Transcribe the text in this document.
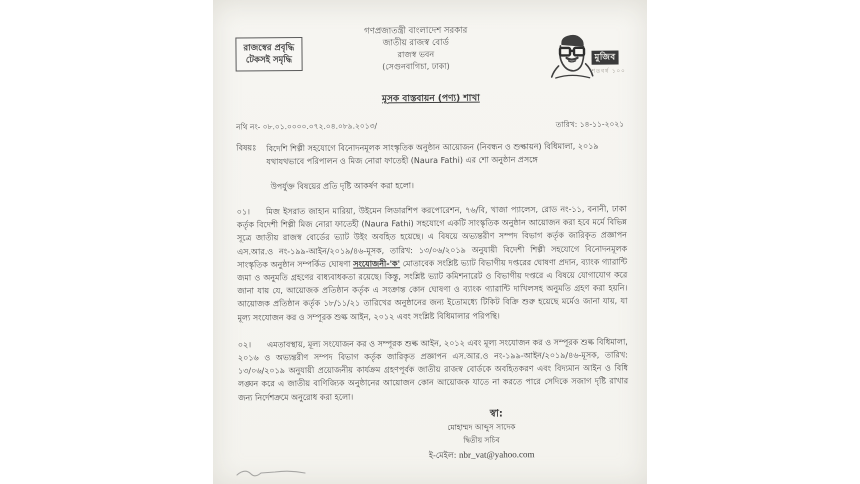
রাজস্বের প্রবৃদ্ধি
টেকসই সমৃদ্ধি
গণপ্রজাতন্ত্রী বাংলাদেশ সরকার
জাতীয় রাজস্ব বোর্ড
রাজস্ব ভবন
(সেগুনবাগিচা, ঢাকা)
মুজিব
শতবর্ষ ১০০
মূসক বাস্তবায়ন (পণ্য) শাখা
নথি নং- ০৮.০১.০০০০.০৭২.০৪.০৮৯.২০১৩/	তারিখ: ১৪-১১-২০২১
বিষয়ঃ	বিদেশি শিল্পী সহযোগে বিনোদনমূলক সাংস্কৃতিক অনুষ্ঠান আয়োজন (নিবন্ধন ও শুল্কায়ন) বিধিমালা, ২০১৯ যথাযথভাবে পরিপালন ও মিজ নোরা ফাতেহী (Naura Fathi) এর শো অনুষ্ঠান প্রসঙ্গে
উপর্যুক্ত বিষয়ের প্রতি দৃষ্টি আকর্ষণ করা হলো।

০১। মিজ ইসরাত জাহান মারিয়া, উইমেন লিডারশিপ করপোরেশন, ৭৬/বি, খাজা প্যালেস, রোড নং-১১, বনানী, ঢাকা কর্তৃক বিদেশী শিল্পী মিজ নোরা ফাতেহী (Naura Fathi) সহযোগে একটি সাংস্কৃতিক অনুষ্ঠান আয়োজন করা হবে মর্মে বিভিন্ন সূত্রে জাতীয় রাজস্ব বোর্ডের ভ্যাট উইং অবহিত হয়েছে। এ বিষয়ে অভ্যন্তরীণ সম্পদ বিভাগ কর্তৃক জারিকৃত প্রজ্ঞাপন এস.আর.ও নং-১৯৯-আইন/২০১৯/৪৬-মূসক, তারিখ: ১৩/০৬/২০১৯ অনুযায়ী বিদেশী শিল্পী সহযোগে বিনোদনমূলক সাংস্কৃতিক অনুষ্ঠান সম্পর্কিত ঘোষণা সংযোজনী-'ক' মোতাবেক সংশ্লিষ্ট ভ্যাট বিভাগীয় দপ্তরের ঘোষণা প্রদান, ব্যাংক গ্যারান্টি জমা ও অনুমতি গ্রহণের বাধ্যবাধকতা রয়েছে। কিন্তু, সংশ্লিষ্ট ভ্যাট কমিশনারেট ও বিভাগীয় দপ্তরে এ বিষয়ে যোগাযোগ করে জানা যায় যে, আয়োজক প্রতিষ্ঠান কর্তৃক এ সংক্রান্ত কোন ঘোষণা ও ব্যাংক গ্যারান্টি দাখিলসহ অনুমতি গ্রহণ করা হয়নি। আয়োজক প্রতিষ্ঠান কর্তৃক ১৮/১১/২১ তারিখের অনুষ্ঠানের জন্য ইতোমধ্যে টিকিট বিক্রি শুরু হয়েছে মর্মেও জানা যায়, যা মূল্য সংযোজন কর ও সম্পূরক শুল্ক আইন, ২০১২ এবং সংশ্লিষ্ট বিধিমালার পরিপন্থি।

০২। এমতাবস্থায়, মূল্য সংযোজন কর ও সম্পূরক শুল্ক আইন, ২০১২ এবং মূল্য সংযোজন কর ও সম্পূরক শুল্ক বিধিমালা, ২০১৬ ও অভ্যন্তরীণ সম্পদ বিভাগ কর্তৃক জারিকৃত প্রজ্ঞাপন এস.আর.ও নং-১৯৯-আইন/২০১৯/৪৬-মূসক, তারিখ: ১৩/০৬/২০১৯ অনুযায়ী প্রয়োজনীয় কার্যক্রম গ্রহণপূর্বক জাতীয় রাজস্ব বোর্ডকে অবহিতকরণ এবং বিদ্যমান আইন ও বিধি লঙ্ঘন করে এ জাতীয় বাণিজ্যিক অনুষ্ঠানের আয়োজন কোন আয়োজক যাতে না করতে পারে সেদিকে সজাগ দৃষ্টি রাখার জন্য নির্দেশক্রমে অনুরোধ করা হলো।

স্বা:
মোহাম্মদ আব্দুস সাদেক
দ্বিতীয় সচিব
ই-মেইল: nbr_vat@yahoo.com
